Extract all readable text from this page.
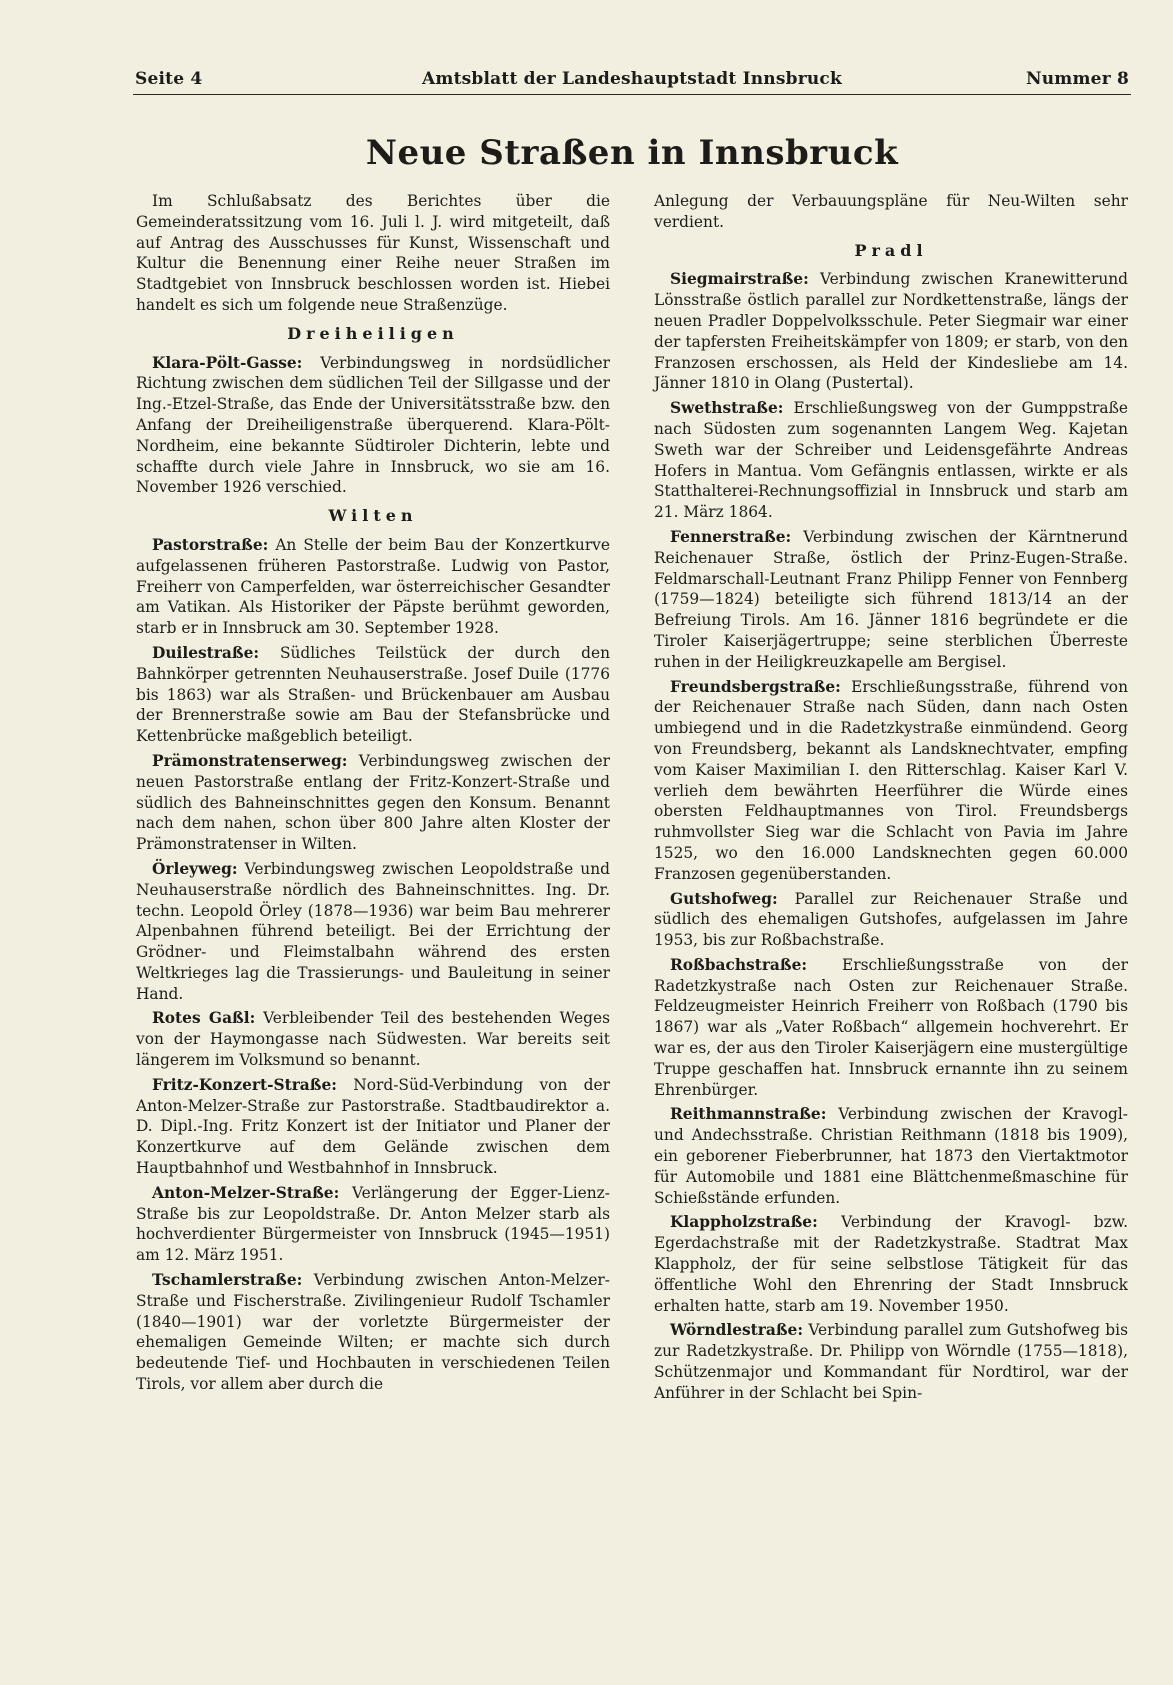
Seite 4	Amtsblatt der Landeshauptstadt Innsbruck	Nummer 8
Neue Straßen in Innsbruck

Im Schlußabsatz des Berichtes über die Gemeinderatssitzung vom 16. Juli l. J. wird mitgeteilt, daß auf Antrag des Ausschusses für Kunst, Wissenschaft und Kultur die Benennung einer Reihe neuer Straßen im Stadtgebiet von Innsbruck beschlossen worden ist. Hiebei handelt es sich um folgende neue Straßenzüge.

Dreiheiligen

Klara-Pölt-Gasse: Verbindungsweg in nordsüdlicher Richtung zwischen dem südlichen Teil der Sillgasse und der Ing.-Etzel-Straße, das Ende der Universitätsstraße bzw. den Anfang der Dreiheiligenstraße überquerend. Klara-Pölt-Nordheim, eine bekannte Südtiroler Dichterin, lebte und schaffte durch viele Jahre in Innsbruck, wo sie am 16. November 1926 verschied.

Wilten

Pastorstraße: An Stelle der beim Bau der Konzertkurve aufgelassenen früheren Pastorstraße. Ludwig von Pastor, Freiherr von Camperfelden, war österreichischer Gesandter am Vatikan. Als Historiker der Päpste berühmt geworden, starb er in Innsbruck am 30. September 1928.

Duilestraße: Südliches Teilstück der durch den Bahnkörper getrennten Neuhauserstraße. Josef Duile (1776 bis 1863) war als Straßen- und Brückenbauer am Ausbau der Brennerstraße sowie am Bau der Stefansbrücke und Kettenbrücke maßgeblich beteiligt.

Prämonstratenserweg: Verbindungsweg zwischen der neuen Pastorstraße entlang der Fritz-Konzert-Straße und südlich des Bahneinschnittes gegen den Konsum. Benannt nach dem nahen, schon über 800 Jahre alten Kloster der Prämonstratenser in Wilten.

Örleyweg: Verbindungsweg zwischen Leopoldstraße und Neuhauserstraße nördlich des Bahneinschnittes. Ing. Dr. techn. Leopold Örley (1878—1936) war beim Bau mehrerer Alpenbahnen führend beteiligt. Bei der Errichtung der Grödner- und Fleimstalbahn während des ersten Weltkrieges lag die Trassierungs- und Bauleitung in seiner Hand.

Rotes Gaßl: Verbleibender Teil des bestehenden Weges von der Haymongasse nach Südwesten. War bereits seit längerem im Volksmund so benannt.

Fritz-Konzert-Straße: Nord-Süd-Verbindung von der Anton-Melzer-Straße zur Pastorstraße. Stadtbaudirektor a. D. Dipl.-Ing. Fritz Konzert ist der Initiator und Planer der Konzertkurve auf dem Gelände zwischen dem Hauptbahnhof und Westbahnhof in Innsbruck.

Anton-Melzer-Straße: Verlängerung der Egger-Lienz-Straße bis zur Leopoldstraße. Dr. Anton Melzer starb als hochverdienter Bürgermeister von Innsbruck (1945—1951) am 12. März 1951.

Tschamlerstraße: Verbindung zwischen Anton-Melzer-Straße und Fischerstraße. Zivilingenieur Rudolf Tschamler (1840—1901) war der vorletzte Bürgermeister der ehemaligen Gemeinde Wilten; er machte sich durch bedeutende Tief- und Hochbauten in verschiedenen Teilen Tirols, vor allem aber durch die

Anlegung der Verbauungspläne für Neu-Wilten sehr verdient.

Pradl

Siegmairstraße: Verbindung zwischen Kranewitterund Lönsstraße östlich parallel zur Nordkettenstraße, längs der neuen Pradler Doppelvolksschule. Peter Siegmair war einer der tapfersten Freiheitskämpfer von 1809; er starb, von den Franzosen erschossen, als Held der Kindesliebe am 14. Jänner 1810 in Olang (Pustertal).

Swethstraße: Erschließungsweg von der Gumppstraße nach Südosten zum sogenannten Langem Weg. Kajetan Sweth war der Schreiber und Leidensgefährte Andreas Hofers in Mantua. Vom Gefängnis entlassen, wirkte er als Statthalterei-Rechnungsoffizial in Innsbruck und starb am 21. März 1864.

Fennerstraße: Verbindung zwischen der Kärntnerund Reichenauer Straße, östlich der Prinz-Eugen-Straße. Feldmarschall-Leutnant Franz Philipp Fenner von Fennberg (1759—1824) beteiligte sich führend 1813/14 an der Befreiung Tirols. Am 16. Jänner 1816 begründete er die Tiroler Kaiserjägertruppe; seine sterblichen Überreste ruhen in der Heiligkreuzkapelle am Bergisel.

Freundsbergstraße: Erschließungsstraße, führend von der Reichenauer Straße nach Süden, dann nach Osten umbiegend und in die Radetzkystraße einmündend. Georg von Freundsberg, bekannt als Landsknechtvater, empfing vom Kaiser Maximilian I. den Ritterschlag. Kaiser Karl V. verlieh dem bewährten Heerführer die Würde eines obersten Feldhauptmannes von Tirol. Freundsbergs ruhmvollster Sieg war die Schlacht von Pavia im Jahre 1525, wo den 16.000 Landsknechten gegen 60.000 Franzosen gegenüberstanden.

Gutshofweg: Parallel zur Reichenauer Straße und südlich des ehemaligen Gutshofes, aufgelassen im Jahre 1953, bis zur Roßbachstraße.

Roßbachstraße: Erschließungsstraße von der Radetzkystraße nach Osten zur Reichenauer Straße. Feldzeugmeister Heinrich Freiherr von Roßbach (1790 bis 1867) war als „Vater Roßbach“ allgemein hochverehrt. Er war es, der aus den Tiroler Kaiserjägern eine mustergültige Truppe geschaffen hat. Innsbruck ernannte ihn zu seinem Ehrenbürger.

Reithmannstraße: Verbindung zwischen der Kravogl- und Andechsstraße. Christian Reithmann (1818 bis 1909), ein geborener Fieberbrunner, hat 1873 den Viertaktmotor für Automobile und 1881 eine Blättchenmeßmaschine für Schießstände erfunden.

Klappholzstraße: Verbindung der Kravogl- bzw. Egerdachstraße mit der Radetzkystraße. Stadtrat Max Klappholz, der für seine selbstlose Tätigkeit für das öffentliche Wohl den Ehrenring der Stadt Innsbruck erhalten hatte, starb am 19. November 1950.

Wörndlestraße: Verbindung parallel zum Gutshofweg bis zur Radetzkystraße. Dr. Philipp von Wörndle (1755—1818), Schützenmajor und Kommandant für Nordtirol, war der Anführer in der Schlacht bei Spin-
